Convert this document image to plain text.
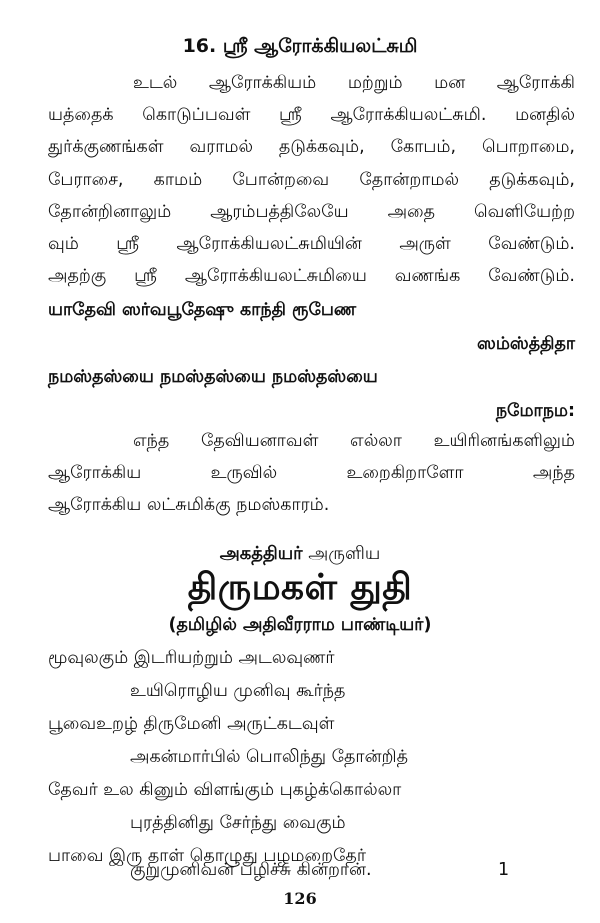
16. ஸ்ரீ ஆரோக்கியலட்சுமி
உடல் ஆரோக்கியம் மற்றும் மன ஆரோக்கி
யத்தைக் கொடுப்பவள் ஸ்ரீ ஆரோக்கியலட்சுமி. மனதில்
துர்க்குணங்கள் வராமல் தடுக்கவும், கோபம், பொறாமை,
பேராசை, காமம் போன்றவை தோன்றாமல் தடுக்கவும்,
தோன்றினாலும் ஆரம்பத்திலேயே அதை வெளியேற்ற
வும் ஸ்ரீ ஆரோக்கியலட்சுமியின் அருள் வேண்டும்.
அதற்கு ஸ்ரீ ஆரோக்கியலட்சுமியை வணங்க வேண்டும்.
யாதேவி ஸர்வபூதேஷு காந்தி ரூபேண
ஸம்ஸ்த்திதா
நமஸ்தஸ்யை நமஸ்தஸ்யை நமஸ்தஸ்யை
நமோநம:
எந்த தேவியனாவள் எல்லா உயிரினங்களிலும்
ஆரோக்கிய	உருவில்	உறைகிறாளோ	அந்த
ஆரோக்கிய லட்சுமிக்கு நமஸ்காரம்.
அகத்தியர் அருளிய
திருமகள் துதி
(தமிழில் அதிவீரராம பாண்டியர்)
மூவுலகும் இடரியற்றும் அடலவுணர்
உயிரொழிய முனிவு கூர்ந்த
பூவைஉறழ் திருமேனி அருட்கடவுள்
அகன்மார்பில் பொலிந்து தோன்றித்
தேவர் உல கினும் விளங்கும் புகழ்க்கொல்லா
புரத்தினிது சேர்ந்து வைகும்
பாவை இரு தாள் தொழுது பழமறைதேர்
குறுமுனிவன் பழிச்சு கின்றான்.	1
126
